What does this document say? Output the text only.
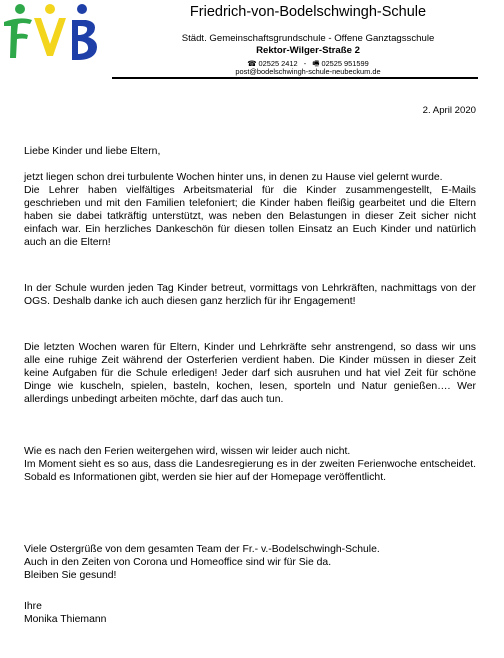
Friedrich-von-Bodelschwingh-Schule
Städt. Gemeinschaftsgrundschule - Offene Ganztagsschule
Rektor-Wilger-Straße 2
☎ 02525 2412 - 🖷 02525 951599
post@bodelschwingh-schule-neubeckum.de
2. April 2020
Liebe Kinder und liebe Eltern,

jetzt liegen schon drei turbulente Wochen hinter uns, in denen zu Hause viel gelernt wurde.

Die Lehrer haben vielfältiges Arbeitsmaterial für die Kinder zusammengestellt, E-Mails geschrieben und mit den Familien telefoniert; die Kinder haben fleißig gearbeitet und die Eltern haben sie dabei tatkräftig unterstützt, was neben den Belastungen in dieser Zeit sicher nicht einfach war. Ein herzliches Dankeschön für diesen tollen Einsatz an Euch Kinder und natürlich auch an die Eltern!

In der Schule wurden jeden Tag Kinder betreut, vormittags von Lehrkräften, nachmittags von der OGS. Deshalb danke ich auch diesen ganz herzlich für ihr Engagement!
Die letzten Wochen waren für Eltern, Kinder und Lehrkräfte sehr anstrengend, so dass wir uns alle eine ruhige Zeit während der Osterferien verdient haben. Die Kinder müssen in dieser Zeit keine Aufgaben für die Schule erledigen! Jeder darf sich ausruhen und hat viel Zeit für schöne Dinge wie kuscheln, spielen, basteln, kochen, lesen, sporteln und Natur genießen…. Wer allerdings unbedingt arbeiten möchte, darf das auch tun.

Wie es nach den Ferien weitergehen wird, wissen wir leider auch nicht.

Im Moment sieht es so aus, dass die Landesregierung es in der zweiten Ferienwoche entscheidet. Sobald es Informationen gibt, werden sie hier auf der Homepage veröffentlicht.

Viele Ostergrüße von dem gesamten Team der Fr.- v.-Bodelschwingh-Schule.

Auch in den Zeiten von Corona und Homeoffice sind wir für Sie da.

Bleiben Sie gesund!

Ihre

Monika Thiemann
